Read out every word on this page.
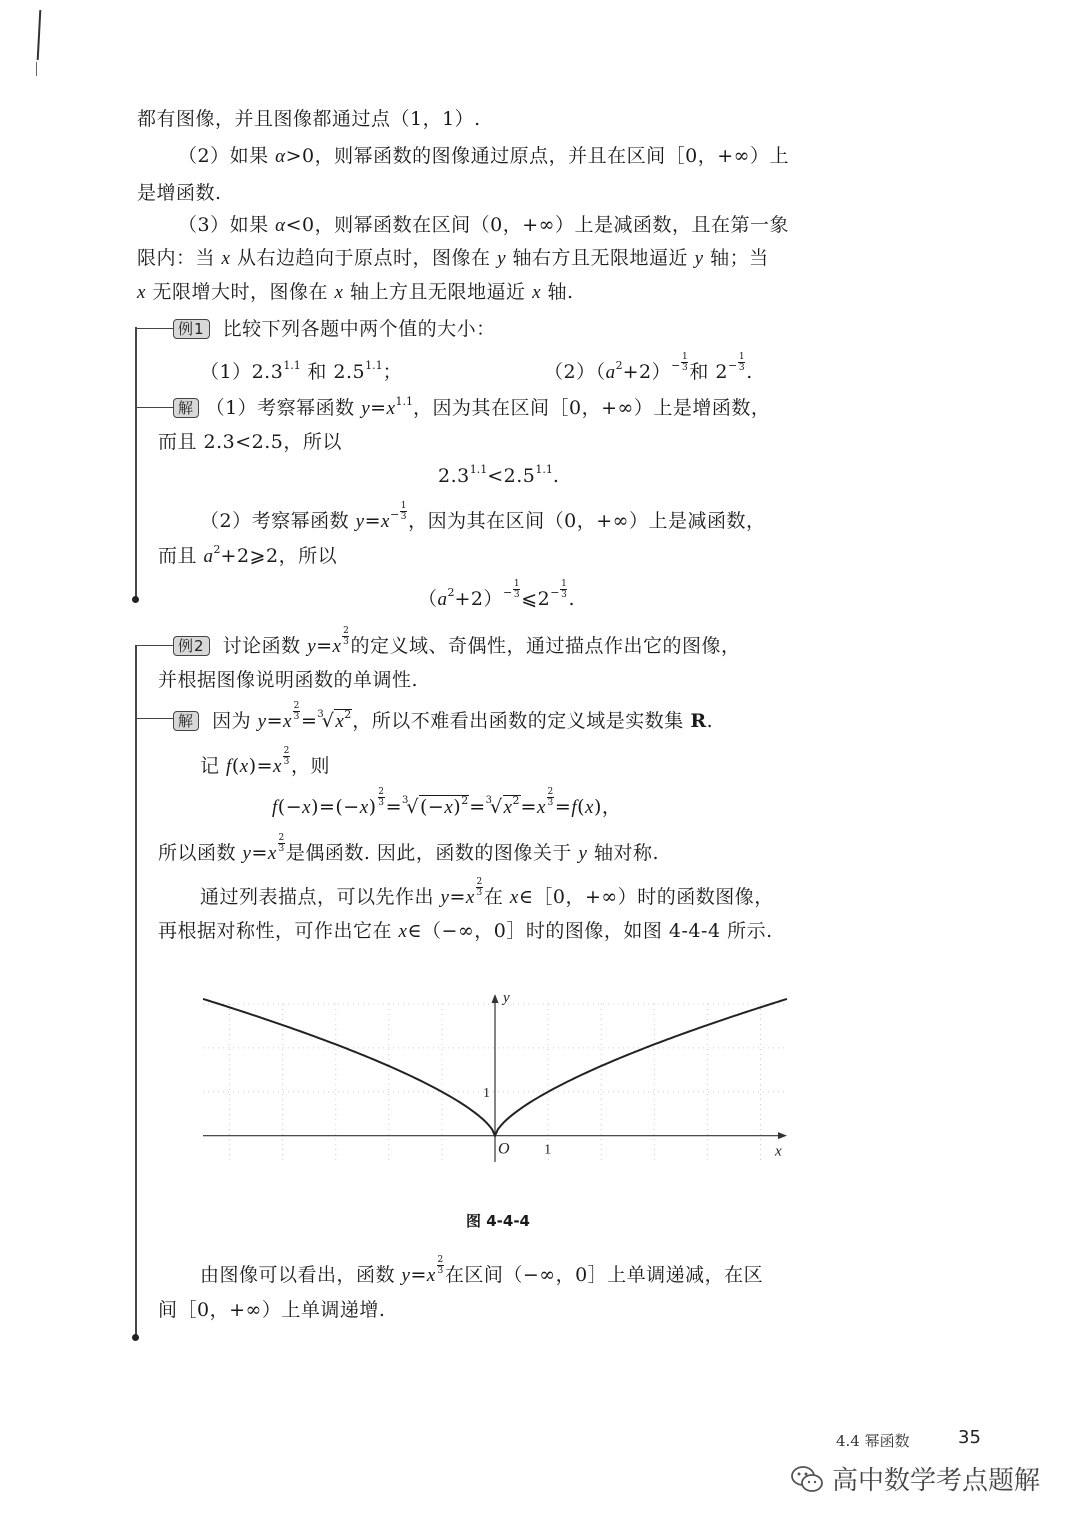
都有图像，并且图像都通过点（1，1）.
（2）如果 α>0，则幂函数的图像通过原点，并且在区间［0，+∞）上
是增函数.
（3）如果 α<0，则幂函数在区间（0，+∞）上是减函数，且在第一象
限内：当 x 从右边趋向于原点时，图像在 y 轴右方且无限地逼近 y 轴；当
x 无限增大时，图像在 x 轴上方且无限地逼近 x 轴.
例1 比较下列各题中两个值的大小：
$(1)2.3^{1.1}$ 和 $2.5^{1.1}$；	$(2)(a^2+2)^- \frac{1}{3}$ 和 $2^- \frac{1}{3}$ .
解 （1）考察幂函数 $y=x^{1.1}$，因为其在区间［0，+∞）上是增函数，
而且 2.3<2.5，所以
$2.3^{1.1}<2.5^{1.1}$.
（2）考察幂函数 $y=x^- \frac{1}{3}$ ，因为其在区间（0，+∞）上是减函数，
而且 $a^2+2⩾2$，所以
$(a^2+2)^- \frac{1}{3}$ ⩽2− $\frac{1}{3}$ .
例2 讨论函数 $y=x \frac{2}{3}$ 的定义域、奇偶性，通过描点作出它的图像，
并根据图像说明函数的单调性.
解 因为 $y=x \frac{2}{3} =^3√x^2$，所以不难看出函数的定义域是实数集 R.
记 $f(x)=x \frac{2}{3}$ ，则
$f(-x)=(-x) \frac{2}{3} =^3√(-x)^2=^3√x^2=x \frac{2}{3} =f(x)$，
所以函数 $y=x \frac{2}{3}$ 是偶函数. 因此，函数的图像关于 y 轴对称.
通过列表描点，可以先作出 $y=x \frac{2}{3}$ 在 x∈［0，+∞）时的函数图像，
再根据对称性，可作出它在 x∈（−∞，0］时的图像，如图 4-4-4 所示.
O	x
y
1
1
图 4-4-4
由图像可以看出，函数 $y=x \frac{2}{3}$ 在区间（−∞，0］上单调递减，在区
间［0，+∞）上单调递增.
4.4 幂函数	35
高中数学考点题解
